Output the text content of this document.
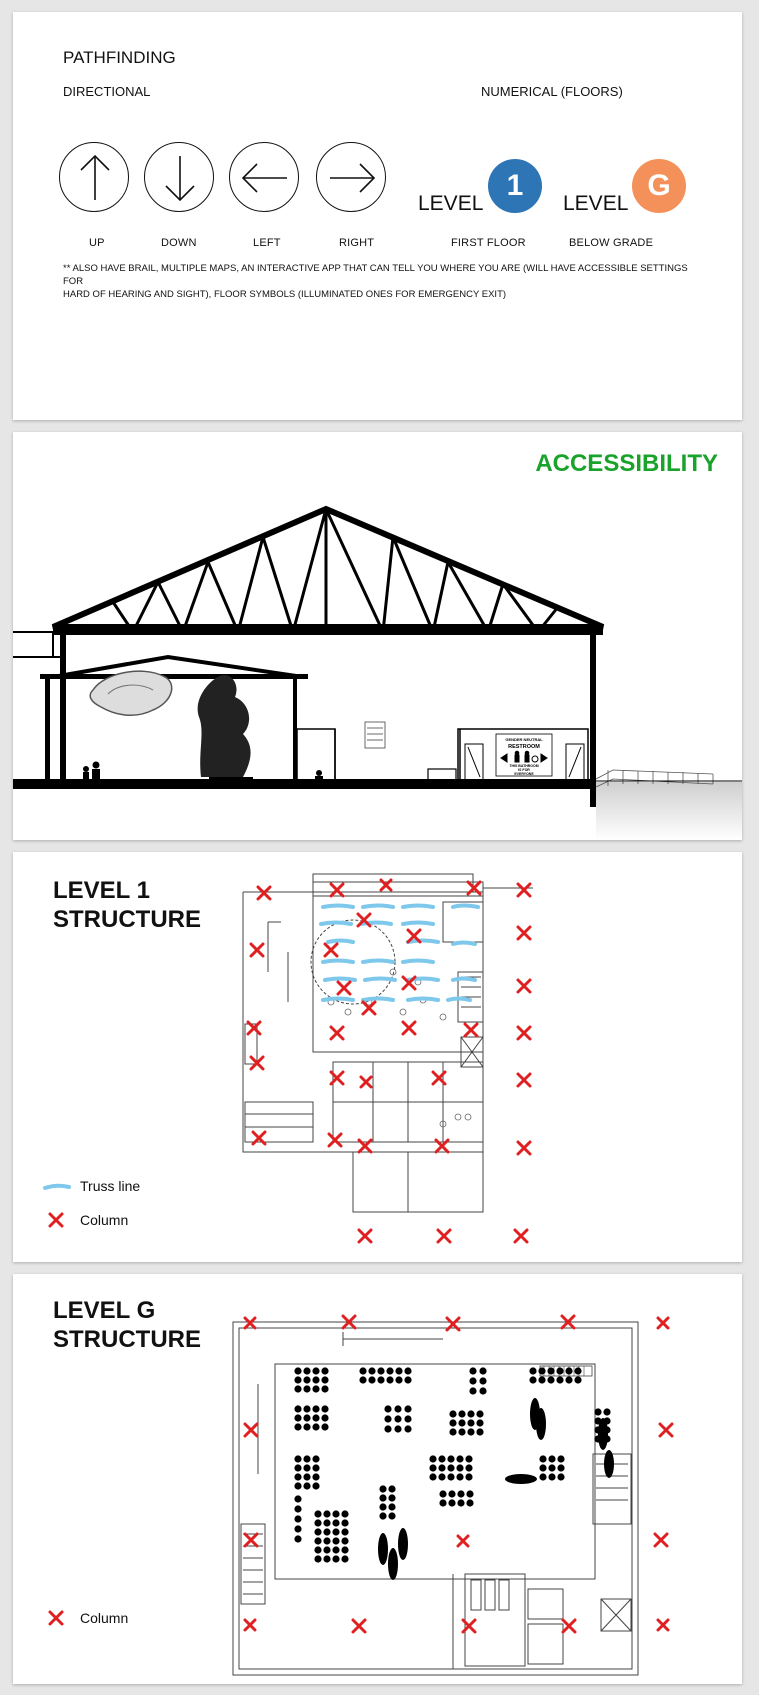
PATHFINDING
DIRECTIONAL	NUMERICAL (FLOORS)
UP	DOWN	LEFT	RIGHT
LEVEL
1
LEVEL
G
FIRST FLOOR	BELOW GRADE
** ALSO HAVE BRAIL, MULTIPLE MAPS, AN INTERACTIVE APP THAT CAN TELL YOU WHERE YOU ARE (WILL HAVE ACCESSIBLE SETTINGS FOR
HARD OF HEARING AND SIGHT), FLOOR SYMBOLS (ILLUMINATED ONES FOR EMERGENCY EXIT)
ACCESSIBILITY
GENDER NEUTRAL
RESTROOM
THIS BATHROOM
IS FOR
EVERYONE
LEVEL 1
STRUCTURE
Truss line
Column
LEVEL G
STRUCTURE
Column
